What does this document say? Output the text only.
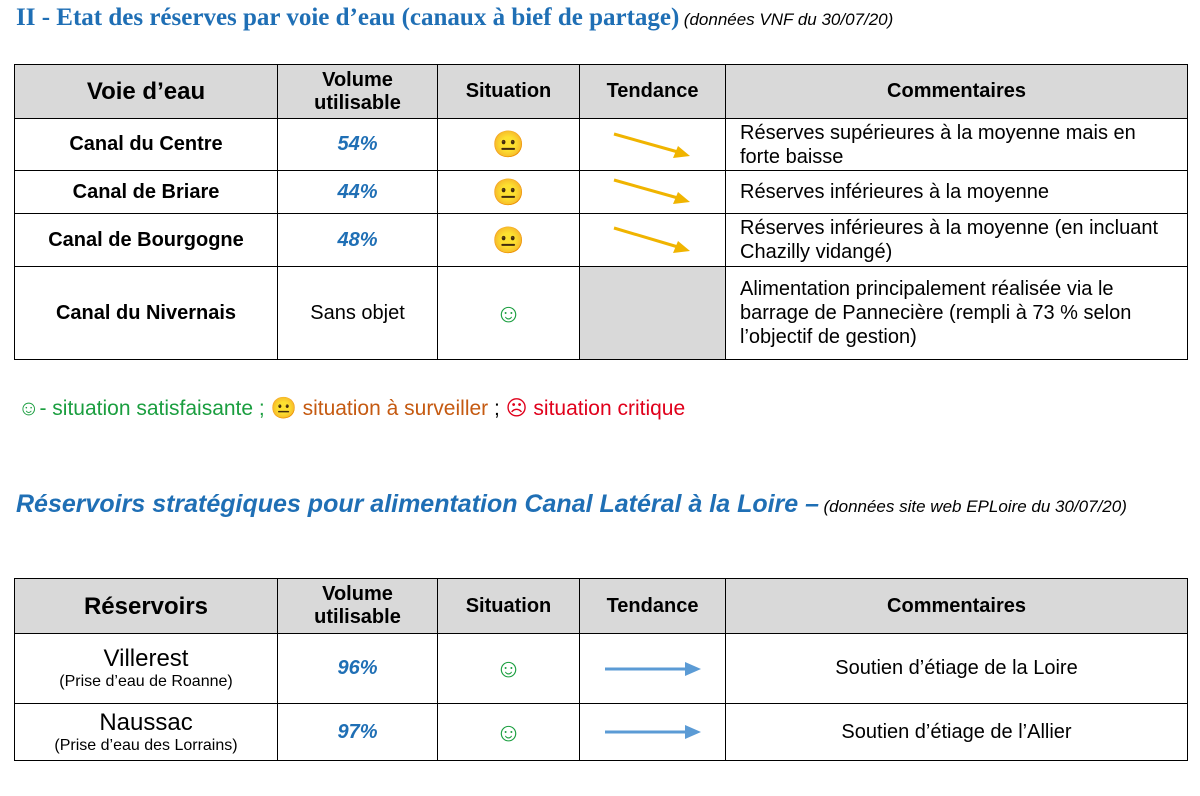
II - Etat des réserves par voie d’eau (canaux à bief de partage) (données VNF du 30/07/20)
Voie d’eau	Volume utilisable	Situation	Tendance	Commentaires
Canal du Centre	54%	😐		Réserves supérieures à la moyenne mais en forte baisse
Canal de Briare	44%	😐		Réserves inférieures à la moyenne
Canal de Bourgogne	48%	😐		Réserves inférieures à la moyenne (en incluant Chazilly vidangé)
Canal du Nivernais	Sans objet	☺		Alimentation principalement réalisée via le barrage de Pannecière (rempli à 73 % selon l’objectif de gestion)
☺- situation satisfaisante ; 😐 situation à surveiller ; ☹ situation critique
Réservoirs stratégiques pour alimentation Canal Latéral à la Loire – (données site web EPLoire du 30/07/20)
Réservoirs	Volume utilisable	Situation	Tendance	Commentaires

Villerest
(Prise d’eau de Roanne)	96%	☺		Soutien d’étiage de la Loire

Naussac
(Prise d’eau des Lorrains)	97%	☺		Soutien d’étiage de l’Allier
